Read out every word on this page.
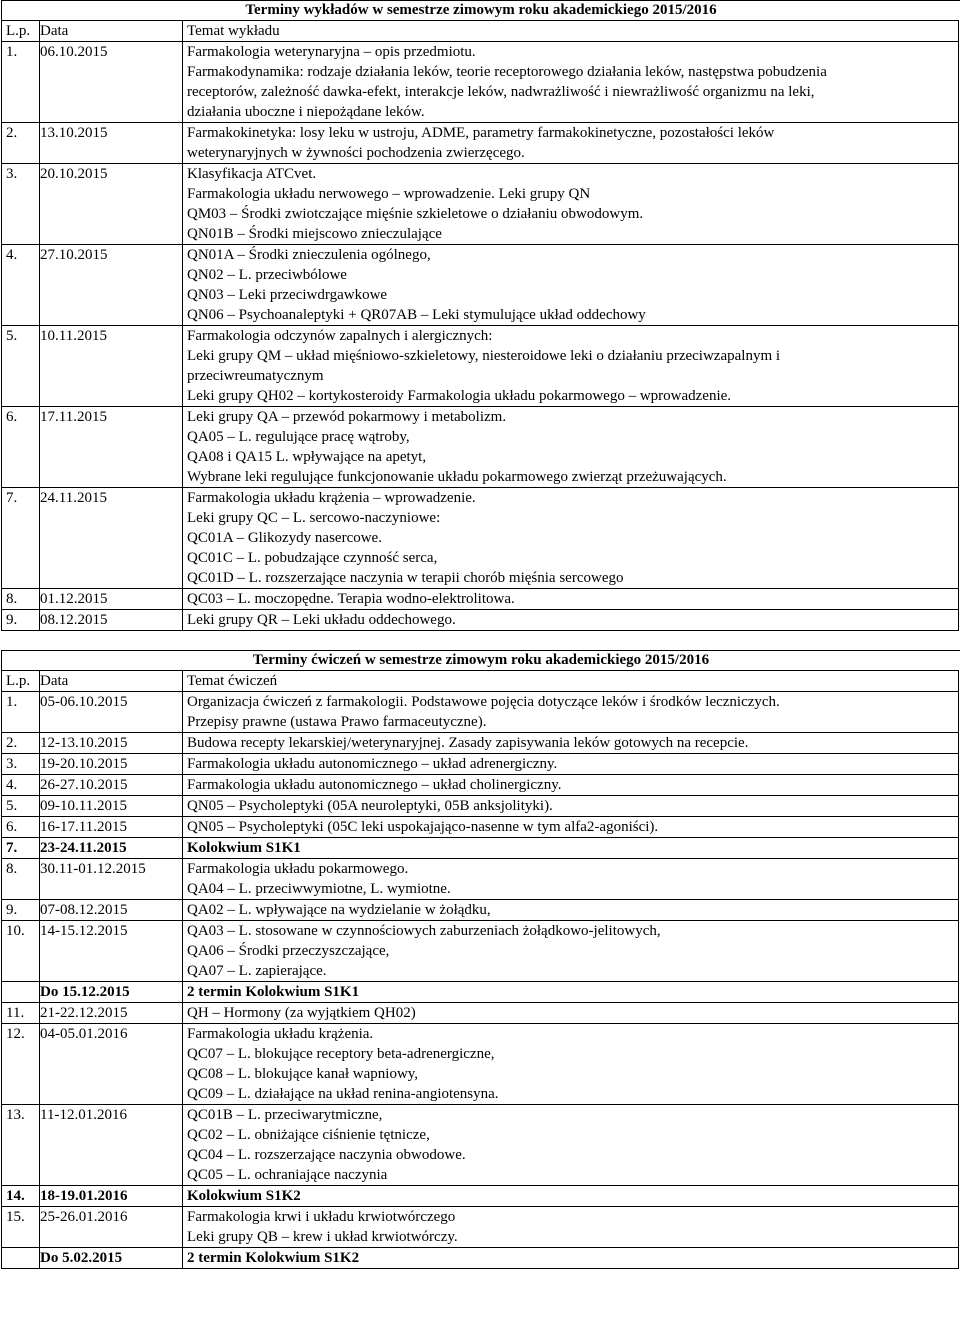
Terminy wykładów w semestrze zimowym roku akademickiego 2015/2016
L.p.	Data	Temat wykładu
1.	06.10.2015	Farmakologia weterynaryjna – opis przedmiotu.
Farmakodynamika: rodzaje działania leków, teorie receptorowego działania leków, następstwa pobudzenia
receptorów, zależność dawka-efekt, interakcje leków, nadwrażliwość i niewrażliwość organizmu na leki,
działania uboczne i niepożądane leków.

2.	13.10.2015	Farmakokinetyka: losy leku w ustroju, ADME, parametry farmakokinetyczne, pozostałości leków
weterynaryjnych w żywności pochodzenia zwierzęcego.

3.	20.10.2015	Klasyfikacja ATCvet.
Farmakologia układu nerwowego – wprowadzenie. Leki grupy QN
QM03 – Środki zwiotczające mięśnie szkieletowe o działaniu obwodowym.
QN01B – Środki miejscowo znieczulające

4.	27.10.2015	QN01A – Środki znieczulenia ogólnego,
QN02 – L. przeciwbólowe
QN03 – Leki przeciwdrgawkowe
QN06 – Psychoanaleptyki + QR07AB – Leki stymulujące układ oddechowy

5.	10.11.2015	Farmakologia odczynów zapalnych i alergicznych:
Leki grupy QM – układ mięśniowo-szkieletowy, niesteroidowe leki o działaniu przeciwzapalnym i
przeciwreumatycznym
Leki grupy QH02 – kortykosteroidy Farmakologia układu pokarmowego – wprowadzenie.

6.	17.11.2015	Leki grupy QA – przewód pokarmowy i metabolizm.
QA05 – L. regulujące pracę wątroby,
QA08 i QA15 L. wpływające na apetyt,
Wybrane leki regulujące funkcjonowanie układu pokarmowego zwierząt przeżuwających.

7.	24.11.2015	Farmakologia układu krążenia – wprowadzenie.
Leki grupy QC – L. sercowo-naczyniowe:
QC01A – Glikozydy nasercowe.
QC01C – L. pobudzające czynność serca,
QC01D – L. rozszerzające naczynia w terapii chorób mięśnia sercowego

8.	01.12.2015	QC03 – L. moczopędne. Terapia wodno-elektrolitowa.

9.	08.12.2015	Leki grupy QR – Leki układu oddechowego.
Terminy ćwiczeń w semestrze zimowym roku akademickiego 2015/2016
L.p.	Data	Temat ćwiczeń
1.	05-06.10.2015	Organizacja ćwiczeń z farmakologii. Podstawowe pojęcia dotyczące leków i środków leczniczych.
Przepisy prawne (ustawa Prawo farmaceutyczne).

2.	12-13.10.2015	Budowa recepty lekarskiej/weterynaryjnej. Zasady zapisywania leków gotowych na recepcie.

3.	19-20.10.2015	Farmakologia układu autonomicznego – układ adrenergiczny.

4.	26-27.10.2015	Farmakologia układu autonomicznego – układ cholinergiczny.

5.	09-10.11.2015	QN05 – Psycholeptyki (05A neuroleptyki, 05B anksjolityki).

6.	16-17.11.2015	QN05 – Psycholeptyki (05C leki uspokajająco-nasenne w tym alfa2-agoniści).

7.	23-24.11.2015	Kolokwium S1K1

8.	30.11-01.12.2015	Farmakologia układu pokarmowego.
QA04 – L. przeciwwymiotne, L. wymiotne.

9.	07-08.12.2015	QA02 – L. wpływające na wydzielanie w żołądku,

10.	14-15.12.2015	QA03 – L. stosowane w czynnościowych zaburzeniach żołądkowo-jelitowych,
QA06 – Środki przeczyszczające,
QA07 – L. zapierające.

	Do 15.12.2015	2 termin Kolokwium S1K1

11.	21-22.12.2015	QH – Hormony (za wyjątkiem QH02)

12.	04-05.01.2016	Farmakologia układu krążenia.
QC07 – L. blokujące receptory beta-adrenergiczne,
QC08 – L. blokujące kanał wapniowy,
QC09 – L. działające na układ renina-angiotensyna.

13.	11-12.01.2016	QC01B – L. przeciwarytmiczne,
QC02 – L. obniżające ciśnienie tętnicze,
QC04 – L. rozszerzające naczynia obwodowe.
QC05 – L. ochraniające naczynia

14.	18-19.01.2016	Kolokwium S1K2

15.	25-26.01.2016	Farmakologia krwi i układu krwiotwórczego
Leki grupy QB – krew i układ krwiotwórczy.

	Do 5.02.2015	2 termin Kolokwium S1K2
